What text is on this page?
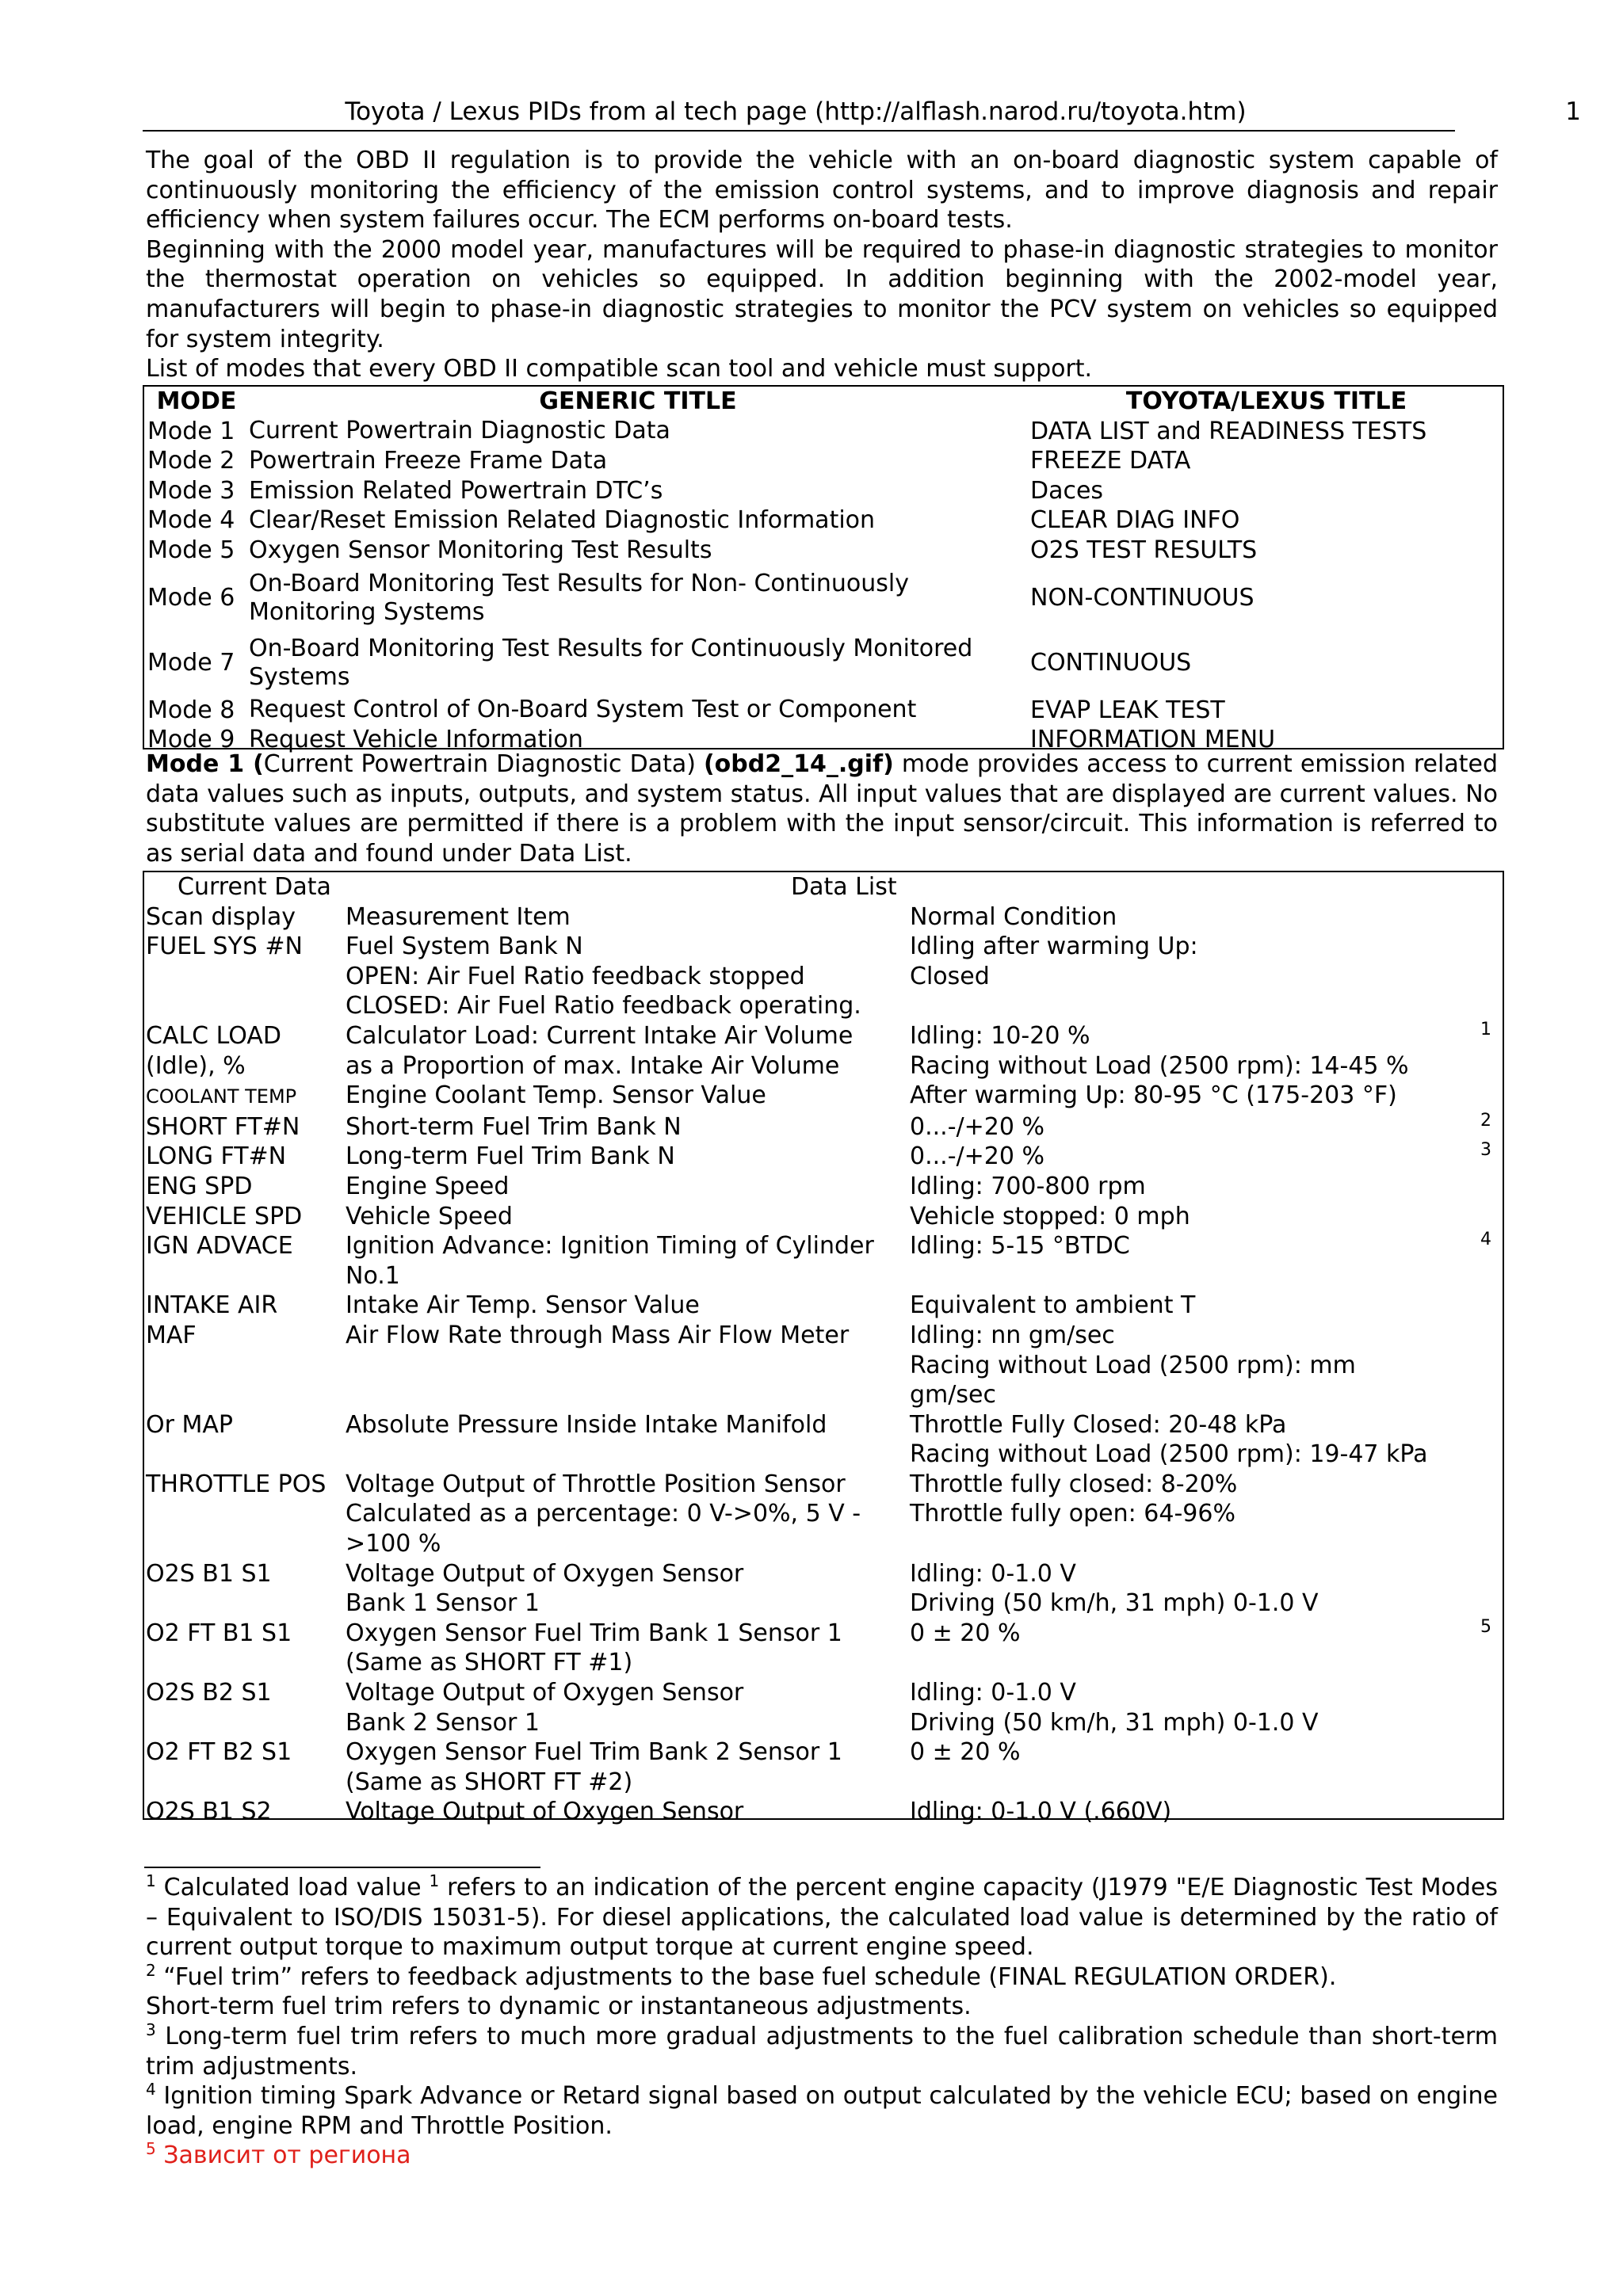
Toyota / Lexus PIDs from al tech page (http://alflash.narod.ru/toyota.htm)	1

The goal of the OBD II regulation is to provide the vehicle with an on-board diagnostic system capable of continuously monitoring the efficiency of the emission control systems, and to improve diagnosis and repair efficiency when system failures occur. The ECM performs on-board tests.

Beginning with the 2000 model year, manufactures will be required to phase-in diagnostic strategies to monitor the thermostat operation on vehicles so equipped. In addition beginning with the 2002-model year, manufacturers will begin to phase-in diagnostic strategies to monitor the PCV system on vehicles so equipped for system integrity.

List of modes that every OBD II compatible scan tool and vehicle must support.

MODE	GENERIC TITLE	TOYOTA/LEXUS TITLE
Mode 1	Current Powertrain Diagnostic Data	DATA LIST and READINESS TESTS
Mode 2	Powertrain Freeze Frame Data	FREEZE DATA
Mode 3	Emission Related Powertrain DTC’s	Daces
Mode 4	Clear/Reset Emission Related Diagnostic Information	CLEAR DIAG INFO
Mode 5	Oxygen Sensor Monitoring Test Results	O2S TEST RESULTS
Mode 6	On-Board Monitoring Test Results for Non- Continuously Monitoring Systems	NON-CONTINUOUS
Mode 7	On-Board Monitoring Test Results for Continuously Monitored Systems	CONTINUOUS
Mode 8	Request Control of On-Board System Test or Component	EVAP LEAK TEST
Mode 9	Request Vehicle Information	INFORMATION MENU

Mode 1 (Current Powertrain Diagnostic Data) (obd2_14_.gif) mode provides access to current emission related data values such as inputs, outputs, and system status. All input values that are displayed are current values. No substitute values are permitted if there is a problem with the input sensor/circuit. This information is referred to as serial data and found under Data List.

Current Data Data List		

Scan display	Measurement Item	Normal Condition
FUEL SYS #N	Fuel System Bank N	Idling after warming Up:
	OPEN: Air Fuel Ratio feedback stopped	Closed
	CLOSED: Air Fuel Ratio feedback operating.	
CALC LOAD	Calculator Load: Current Intake Air Volume	Idling: 10-20 % 1

(Idle), %	as a Proportion of max. Intake Air Volume	Racing without Load (2500 rpm): 14-45 %
COOLANT TEMP	Engine Coolant Temp. Sensor Value	After warming Up: 80-95 °C (175-203 °F)
SHORT FT#N	Short-term Fuel Trim Bank N	0...-/+20 % 2

LONG FT#N	Long-term Fuel Trim Bank N	0...-/+20 % 3

ENG SPD	Engine Speed	Idling: 700-800 rpm
VEHICLE SPD	Vehicle Speed	Vehicle stopped: 0 mph
IGN ADVACE	Ignition Advance: Ignition Timing of Cylinder	Idling: 5-15 °BTDC 4

	No.1	
INTAKE AIR	Intake Air Temp. Sensor Value	Equivalent to ambient T
MAF	Air Flow Rate through Mass Air Flow Meter	Idling: nn gm/sec
		Racing without Load (2500 rpm): mm
		gm/sec
Or MAP	Absolute Pressure Inside Intake Manifold	Throttle Fully Closed: 20-48 kPa
		Racing without Load (2500 rpm): 19-47 kPa
THROTTLE POS	Voltage Output of Throttle Position Sensor	Throttle fully closed: 8-20%
	Calculated as a percentage: 0 V->0%, 5 V -	Throttle fully open: 64-96%
	>100 %	
O2S B1 S1	Voltage Output of Oxygen Sensor	Idling: 0-1.0 V
	Bank 1 Sensor 1	Driving (50 km/h, 31 mph) 0-1.0 V
O2 FT B1 S1	Oxygen Sensor Fuel Trim Bank 1 Sensor 1	0 ± 20 % 5

	(Same as SHORT FT #1)	
O2S B2 S1	Voltage Output of Oxygen Sensor	Idling: 0-1.0 V
	Bank 2 Sensor 1	Driving (50 km/h, 31 mph) 0-1.0 V
O2 FT B2 S1	Oxygen Sensor Fuel Trim Bank 2 Sensor 1	0 ± 20 %
	(Same as SHORT FT #2)	
O2S B1 S2	Voltage Output of Oxygen Sensor	Idling: 0-1.0 V (.660V)

$^1$ Calculated load value $^1$ refers to an indication of the percent engine capacity (J1979 "E/E Diagnostic Test Modes – Equivalent to ISO/DIS 15031-5). For diesel applications, the calculated load value is determined by the ratio of current output torque to maximum output torque at current engine speed.

$^2$ “Fuel trim” refers to feedback adjustments to the base fuel schedule (FINAL REGULATION ORDER).

Short-term fuel trim refers to dynamic or instantaneous adjustments.

$^3$ Long-term fuel trim refers to much more gradual adjustments to the fuel calibration schedule than short-term trim adjustments.

$^4$ Ignition timing Spark Advance or Retard signal based on output calculated by the vehicle ECU; based on engine load, engine RPM and Throttle Position.

$^5$ Зависит от региона
